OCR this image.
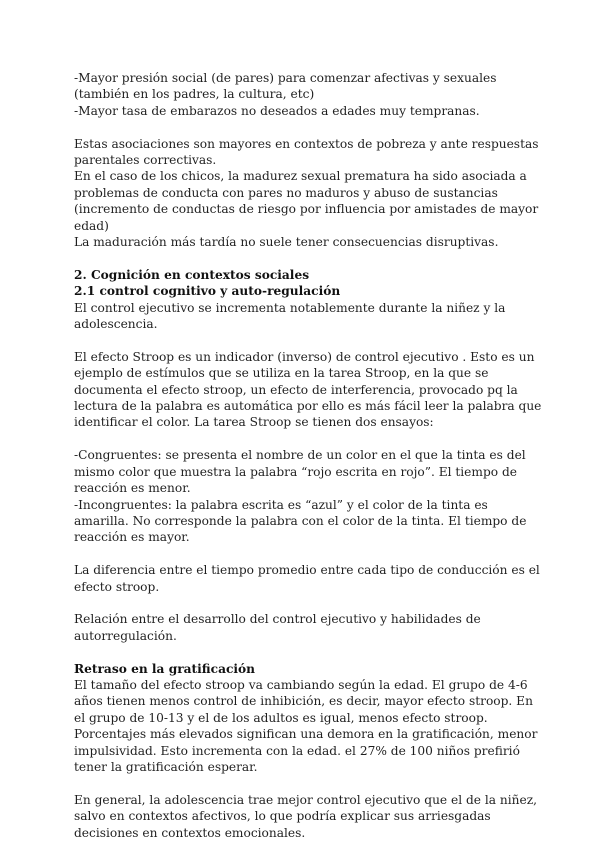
-Mayor presión social (de pares) para comenzar afectivas y sexuales (también en los padres, la cultura, etc)

-Mayor tasa de embarazos no deseados a edades muy tempranas.

Estas asociaciones son mayores en contextos de pobreza y ante respuestas parentales correctivas.

En el caso de los chicos, la madurez sexual prematura ha sido asociada a problemas de conducta con pares no maduros y abuso de sustancias (incremento de conductas de riesgo por influencia por amistades de mayor edad)

La maduración más tardía no suele tener consecuencias disruptivas.

2. Cognición en contextos sociales

2.1 control cognitivo y auto-regulación

El control ejecutivo se incrementa notablemente durante la niñez y la adolescencia.

El efecto Stroop es un indicador (inverso) de control ejecutivo . Esto es un ejemplo de estímulos que se utiliza en la tarea Stroop, en la que se documenta el efecto stroop, un efecto de interferencia, provocado pq la lectura de la palabra es automática por ello es más fácil leer la palabra que identificar el color. La tarea Stroop se tienen dos ensayos:

-Congruentes: se presenta el nombre de un color en el que la tinta es del mismo color que muestra la palabra “rojo escrita en rojo”. El tiempo de reacción es menor.

-Incongruentes: la palabra escrita es “azul” y el color de la tinta es amarilla. No corresponde la palabra con el color de la tinta. El tiempo de reacción es mayor.

La diferencia entre el tiempo promedio entre cada tipo de conducción es el efecto stroop.

Relación entre el desarrollo del control ejecutivo y habilidades de autorregulación.

Retraso en la gratificación

El tamaño del efecto stroop va cambiando según la edad. El grupo de 4-6 años tienen menos control de inhibición, es decir, mayor efecto stroop. En el grupo de 10-13 y el de los adultos es igual, menos efecto stroop.

Porcentajes más elevados significan una demora en la gratificación, menor impulsividad. Esto incrementa con la edad. el 27% de 100 niños prefirió tener la gratificación esperar.

En general, la adolescencia trae mejor control ejecutivo que el de la niñez, salvo en contextos afectivos, lo que podría explicar sus arriesgadas decisiones en contextos emocionales.
